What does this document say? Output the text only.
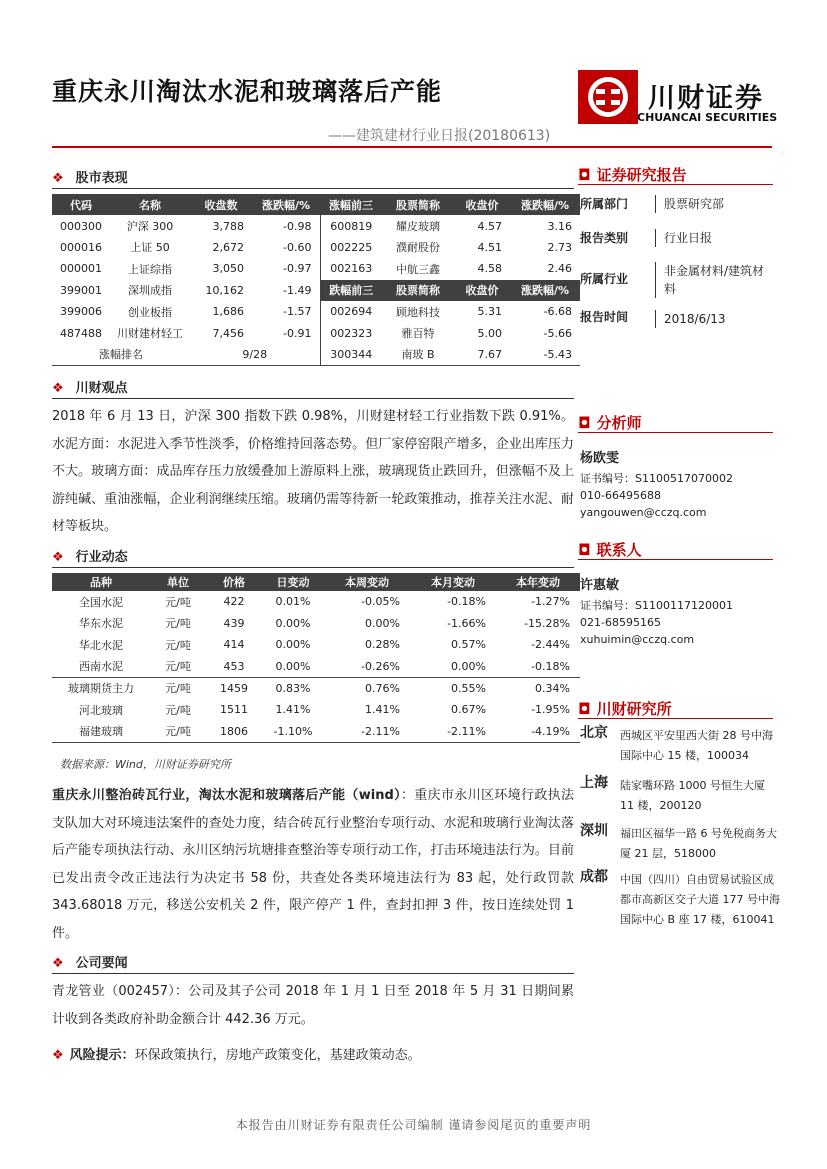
重庆永川淘汰水泥和玻璃落后产能	川财证券
CHUANCAI SECURITIES
——建筑建材行业日报(20180613)
❖ 股市表现
代码	名称	收盘数	涨跌幅/%	涨幅前三	股票简称	收盘价	涨跌幅/%
000300	沪深 300	3,788	-0.98	600819	耀皮玻璃	4.57	3.16
000016	上证 50	2,672	-0.60	002225	濮耐股份	4.51	2.73
000001	上证综指	3,050	-0.97	002163	中航三鑫	4.58	2.46
399001	深圳成指	10,162	-1.49	跌幅前三	股票简称	收盘价	涨跌幅/%
399006	创业板指	1,686	-1.57	002694	顾地科技	5.31	-6.68
487488	川财建材轻工	7,456	-0.91	002323	雅百特	5.00	-5.66
涨幅排名		9/28		300344	南玻 B	7.67	-5.43
❖ 川财观点
2018 年 6 月 13 日，沪深 300 指数下跌 0.98%，川财建材轻工行业指数下跌 0.91%。水泥方面：水泥进入季节性淡季，价格维持回落态势。但厂家停窑限产增多，企业出库压力不大。玻璃方面：成品库存压力放缓叠加上游原料上涨，玻璃现货止跌回升，但涨幅不及上游纯碱、重油涨幅，企业利润继续压缩。玻璃仍需等待新一轮政策推动，推荐关注水泥、耐材等板块。
❖ 行业动态
品种	单位	价格	日变动	本周变动	本月变动	本年变动
全国水泥	元/吨	422	0.01%	-0.05%	-0.18%	-1.27%
华东水泥	元/吨	439	0.00%	0.00%	-1.66%	-15.28%
华北水泥	元/吨	414	0.00%	0.28%	0.57%	-2.44%
西南水泥	元/吨	453	0.00%	-0.26%	0.00%	-0.18%
玻璃期货主力	元/吨	1459	0.83%	0.76%	0.55%	0.34%
河北玻璃	元/吨	1511	1.41%	1.41%	0.67%	-1.95%
福建玻璃	元/吨	1806	-1.10%	-2.11%	-2.11%	-4.19%
数据来源：Wind，川财证券研究所
重庆永川整治砖瓦行业，淘汰水泥和玻璃落后产能（wind）：重庆市永川区环境行政执法支队加大对环境违法案件的查处力度，结合砖瓦行业整治专项行动、水泥和玻璃行业淘汰落后产能专项执法行动、永川区纳污坑塘排查整治等专项行动工作，打击环境违法行为。目前已发出责令改正违法行为决定书 58 份，共查处各类环境违法行为 83 起，处行政罚款 343.68018 万元，移送公安机关 2 件，限产停产 1 件，查封扣押 3 件，按日连续处罚 1 件。
❖ 公司要闻
青龙管业（002457）：公司及其子公司 2018 年 1 月 1 日至 2018 年 5 月 31 日期间累计收到各类政府补助金额合计 442.36 万元。
❖ 风险提示：环保政策执行，房地产政策变化，基建政策动态。
◘ 证券研究报告
所属部门	股票研究部
报告类别	行业日报
所属行业
非金属材料/建筑材料
报告时间	2018/6/13
◘ 分析师
杨欧雯
证书编号：S1100517070002
010-66495688
yangouwen@cczq.com
◘ 联系人
许惠敏
证书编号：S1100117120001
021-68595165
xuhuimin@cczq.com
◘ 川财研究所
北京 西城区平安里西大街 28 号中海国际中心 15 楼，100034
上海 陆家嘴环路 1000 号恒生大厦 11 楼，200120
深圳 福田区福华一路 6 号免税商务大厦 21 层，518000
成都 中国（四川）自由贸易试验区成都市高新区交子大道 177 号中海国际中心 B 座 17 楼，610041
本报告由川财证券有限责任公司编制 谨请参阅尾页的重要声明
